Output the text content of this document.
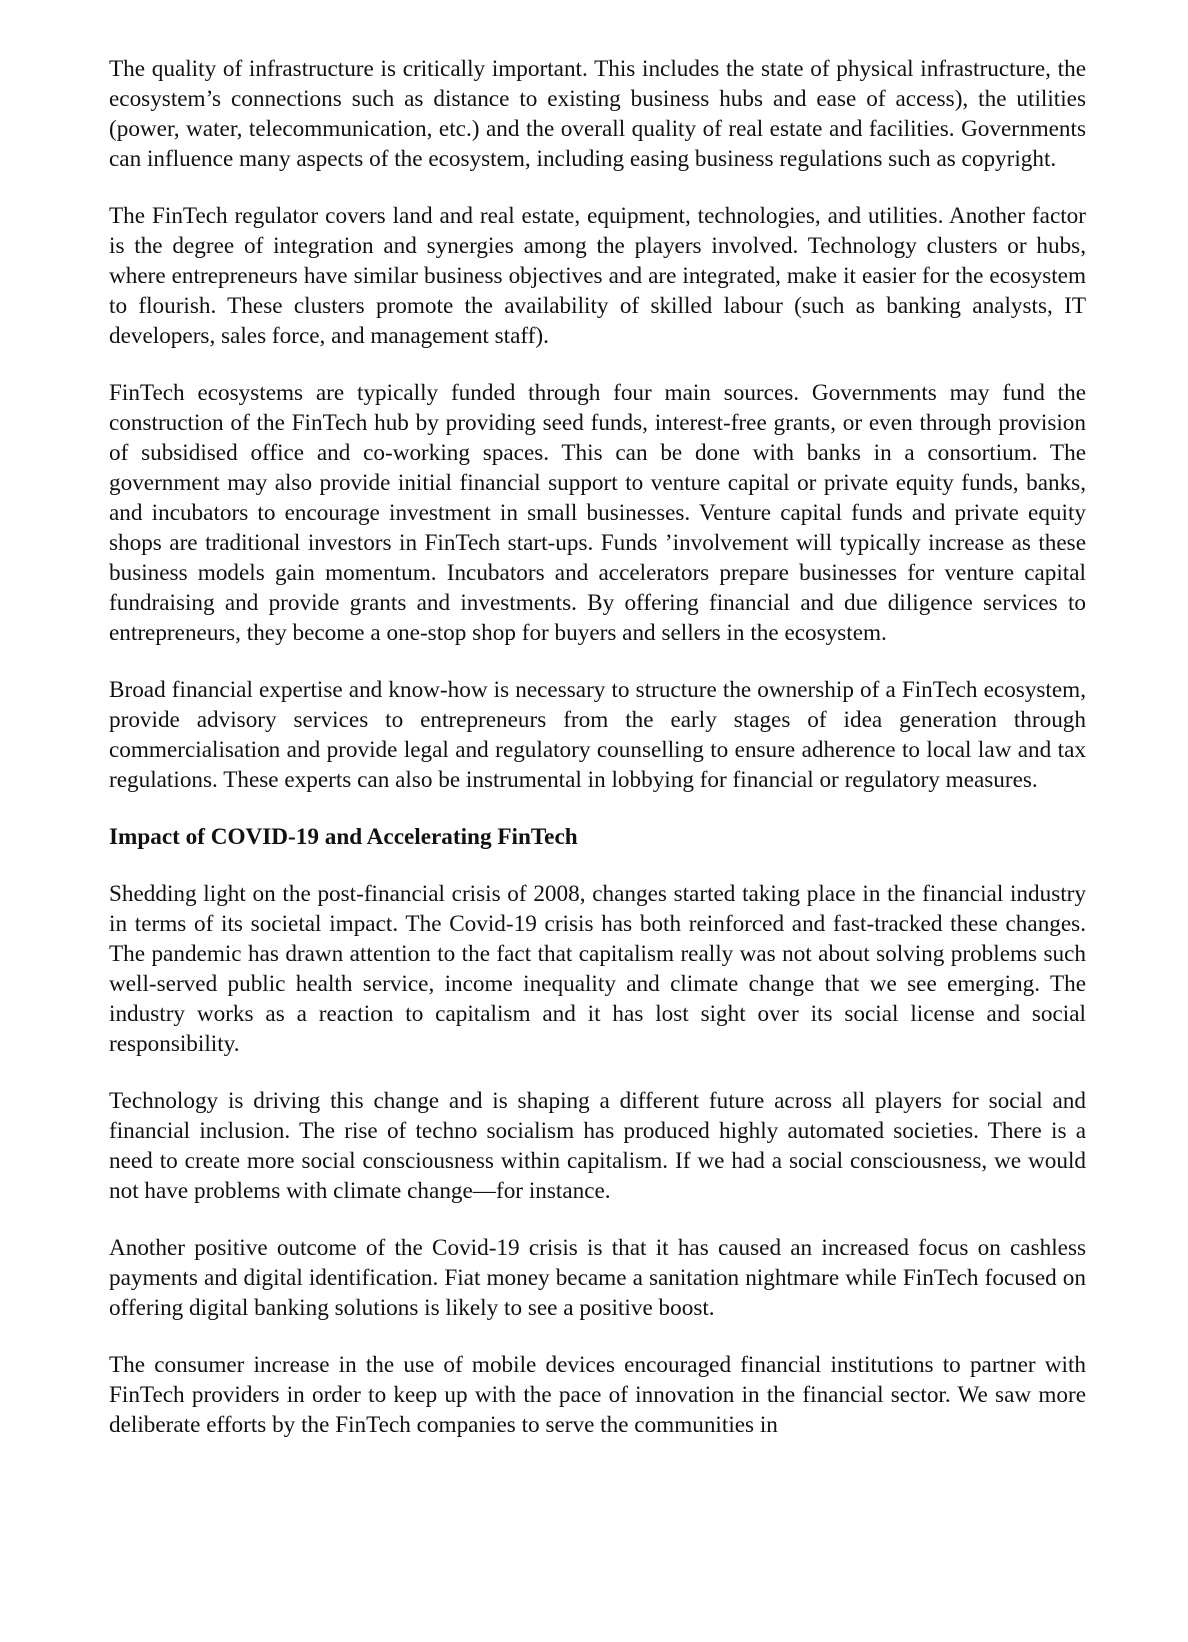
The quality of infrastructure is critically important. This includes the state of physical infrastructure, the ecosystem’s connections such as distance to existing business hubs and ease of access), the utilities (power, water, telecommunication, etc.) and the overall quality of real estate and facilities. Governments can influence many aspects of the ecosystem, including easing business regulations such as copyright.

The FinTech regulator covers land and real estate, equipment, technologies, and utilities. Another factor is the degree of integration and synergies among the players involved. Technology clusters or hubs, where entrepreneurs have similar business objectives and are integrated, make it easier for the ecosystem to flourish. These clusters promote the availability of skilled labour (such as banking analysts, IT developers, sales force, and management staff).

FinTech ecosystems are typically funded through four main sources. Governments may fund the construction of the FinTech hub by providing seed funds, interest-free grants, or even through provision of subsidised office and co-working spaces. This can be done with banks in a consortium. The government may also provide initial financial support to venture capital or private equity funds, banks, and incubators to encourage investment in small businesses. Venture capital funds and private equity shops are traditional investors in FinTech start-ups. Funds ’involvement will typically increase as these business models gain momentum. Incubators and accelerators prepare businesses for venture capital fundraising and provide grants and investments. By offering financial and due diligence services to entrepreneurs, they become a one-stop shop for buyers and sellers in the ecosystem.

Broad financial expertise and know-how is necessary to structure the ownership of a FinTech ecosystem, provide advisory services to entrepreneurs from the early stages of idea generation through commercialisation and provide legal and regulatory counselling to ensure adherence to local law and tax regulations. These experts can also be instrumental in lobbying for financial or regulatory measures.

Impact of COVID-19 and Accelerating FinTech

Shedding light on the post-financial crisis of 2008, changes started taking place in the financial industry in terms of its societal impact. The Covid-19 crisis has both reinforced and fast-tracked these changes. The pandemic has drawn attention to the fact that capitalism really was not about solving problems such well-served public health service, income inequality and climate change that we see emerging. The industry works as a reaction to capitalism and it has lost sight over its social license and social responsibility.

Technology is driving this change and is shaping a different future across all players for social and financial inclusion. The rise of techno socialism has produced highly automated societies. There is a need to create more social consciousness within capitalism. If we had a social consciousness, we would not have problems with climate change—for instance.

Another positive outcome of the Covid-19 crisis is that it has caused an increased focus on cashless payments and digital identification. Fiat money became a sanitation nightmare while FinTech focused on offering digital banking solutions is likely to see a positive boost.

The consumer increase in the use of mobile devices encouraged financial institutions to partner with FinTech providers in order to keep up with the pace of innovation in the financial sector. We saw more deliberate efforts by the FinTech companies to serve the communities in
